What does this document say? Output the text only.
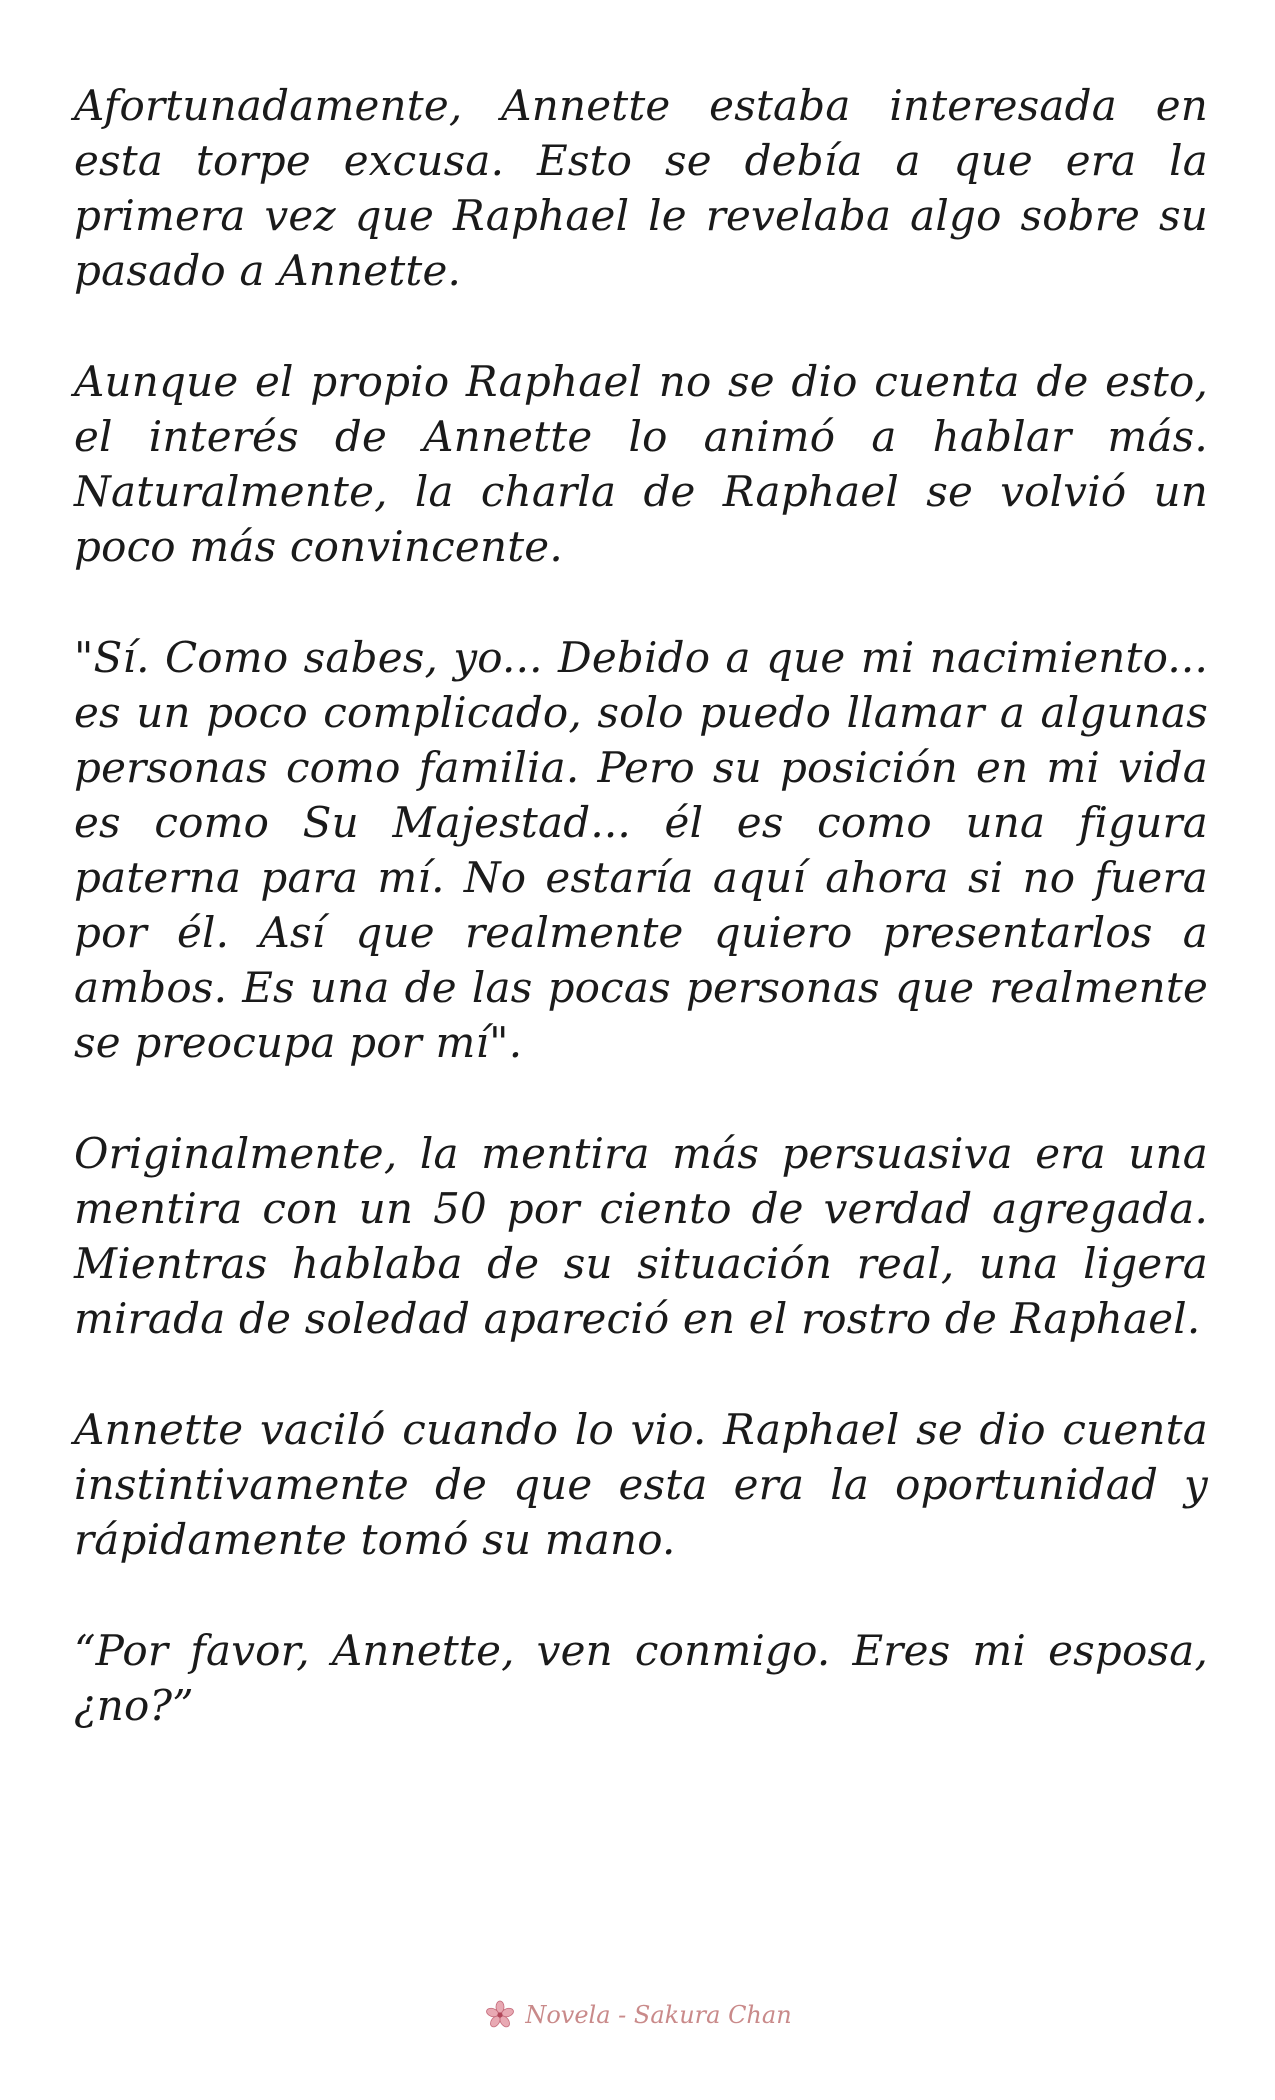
Afortunadamente, Annette estaba interesada en esta torpe excusa. Esto se debía a que era la primera vez que Raphael le revelaba algo sobre su pasado a Annette.

Aunque el propio Raphael no se dio cuenta de esto, el interés de Annette lo animó a hablar más. Naturalmente, la charla de Raphael se volvió un poco más convincente.

"Sí. Como sabes, yo... Debido a que mi nacimiento... es un poco complicado, solo puedo llamar a algunas personas como familia. Pero su posición en mi vida es como Su Majestad... él es como una figura paterna para mí. No estaría aquí ahora si no fuera por él. Así que realmente quiero presentarlos a ambos. Es una de las pocas personas que realmente se preocupa por mí".

Originalmente, la mentira más persuasiva era una mentira con un 50 por ciento de verdad agregada. Mientras hablaba de su situación real, una ligera mirada de soledad apareció en el rostro de Raphael.

Annette vaciló cuando lo vio. Raphael se dio cuenta instintivamente de que esta era la oportunidad y rápidamente tomó su mano.

“Por favor, Annette, ven conmigo. Eres mi esposa, ¿no?”

Novela - Sakura Chan
